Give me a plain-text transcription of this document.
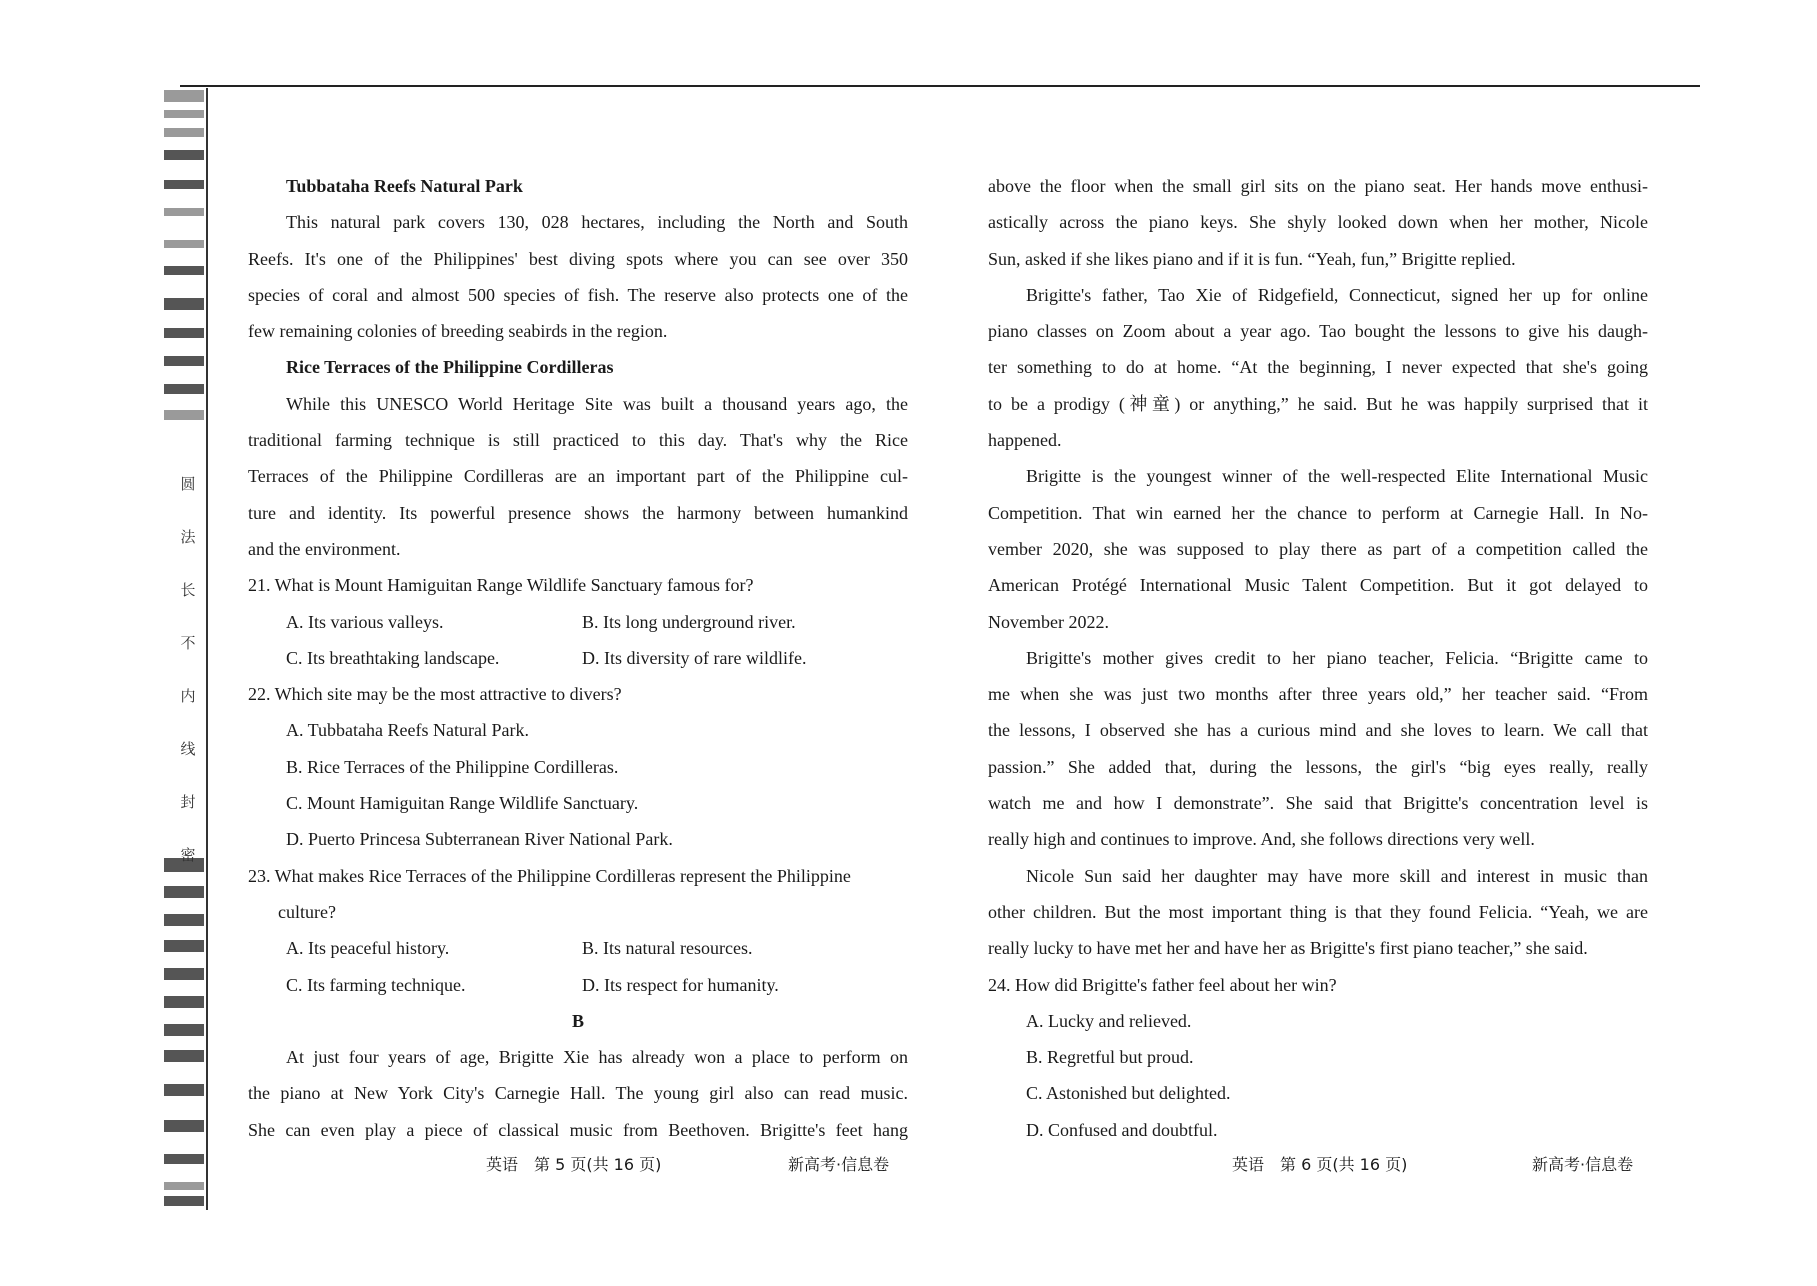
圆
法
长
不
内
线
封
密
Tubbataha Reefs Natural Park
This natural park covers 130, 028 hectares, including the North and South
Reefs. It's one of the Philippines' best diving spots where you can see over 350
species of coral and almost 500 species of fish. The reserve also protects one of the
few remaining colonies of breeding seabirds in the region.
Rice Terraces of the Philippine Cordilleras
While this UNESCO World Heritage Site was built a thousand years ago, the
traditional farming technique is still practiced to this day. That's why the Rice
Terraces of the Philippine Cordilleras are an important part of the Philippine cul-
ture and identity. Its powerful presence shows the harmony between humankind
and the environment.
21. What is Mount Hamiguitan Range Wildlife Sanctuary famous for?
A. Its various valleys.	B. Its long underground river.
C. Its breathtaking landscape.	D. Its diversity of rare wildlife.
22. Which site may be the most attractive to divers?
A. Tubbataha Reefs Natural Park.
B. Rice Terraces of the Philippine Cordilleras.
C. Mount Hamiguitan Range Wildlife Sanctuary.
D. Puerto Princesa Subterranean River National Park.
23. What makes Rice Terraces of the Philippine Cordilleras represent the Philippine
culture?
A. Its peaceful history.	B. Its natural resources.
C. Its farming technique.	D. Its respect for humanity.
B
At just four years of age, Brigitte Xie has already won a place to perform on
the piano at New York City's Carnegie Hall. The young girl also can read music.
She can even play a piece of classical music from Beethoven. Brigitte's feet hang
above the floor when the small girl sits on the piano seat. Her hands move enthusi-
astically across the piano keys. She shyly looked down when her mother, Nicole
Sun, asked if she likes piano and if it is fun. “Yeah, fun,” Brigitte replied.
Brigitte's father, Tao Xie of Ridgefield, Connecticut, signed her up for online
piano classes on Zoom about a year ago. Tao bought the lessons to give his daugh-
ter something to do at home. “At the beginning, I never expected that she's going
to be a prodigy (神童) or anything,” he said. But he was happily surprised that it
happened.
Brigitte is the youngest winner of the well-respected Elite International Music
Competition. That win earned her the chance to perform at Carnegie Hall. In No-
vember 2020, she was supposed to play there as part of a competition called the
American Protégé International Music Talent Competition. But it got delayed to
November 2022.
Brigitte's mother gives credit to her piano teacher, Felicia. “Brigitte came to
me when she was just two months after three years old,” her teacher said. “From
the lessons, I observed she has a curious mind and she loves to learn. We call that
passion.” She added that, during the lessons, the girl's “big eyes really, really
watch me and how I demonstrate”. She said that Brigitte's concentration level is
really high and continues to improve. And, she follows directions very well.
Nicole Sun said her daughter may have more skill and interest in music than
other children. But the most important thing is that they found Felicia. “Yeah, we are
really lucky to have met her and have her as Brigitte's first piano teacher,” she said.
24. How did Brigitte's father feel about her win?
A. Lucky and relieved.
B. Regretful but proud.
C. Astonished but delighted.
D. Confused and doubtful.
英语　第 5 页(共 16 页)	新高考·信息卷	英语　第 6 页(共 16 页)	新高考·信息卷
